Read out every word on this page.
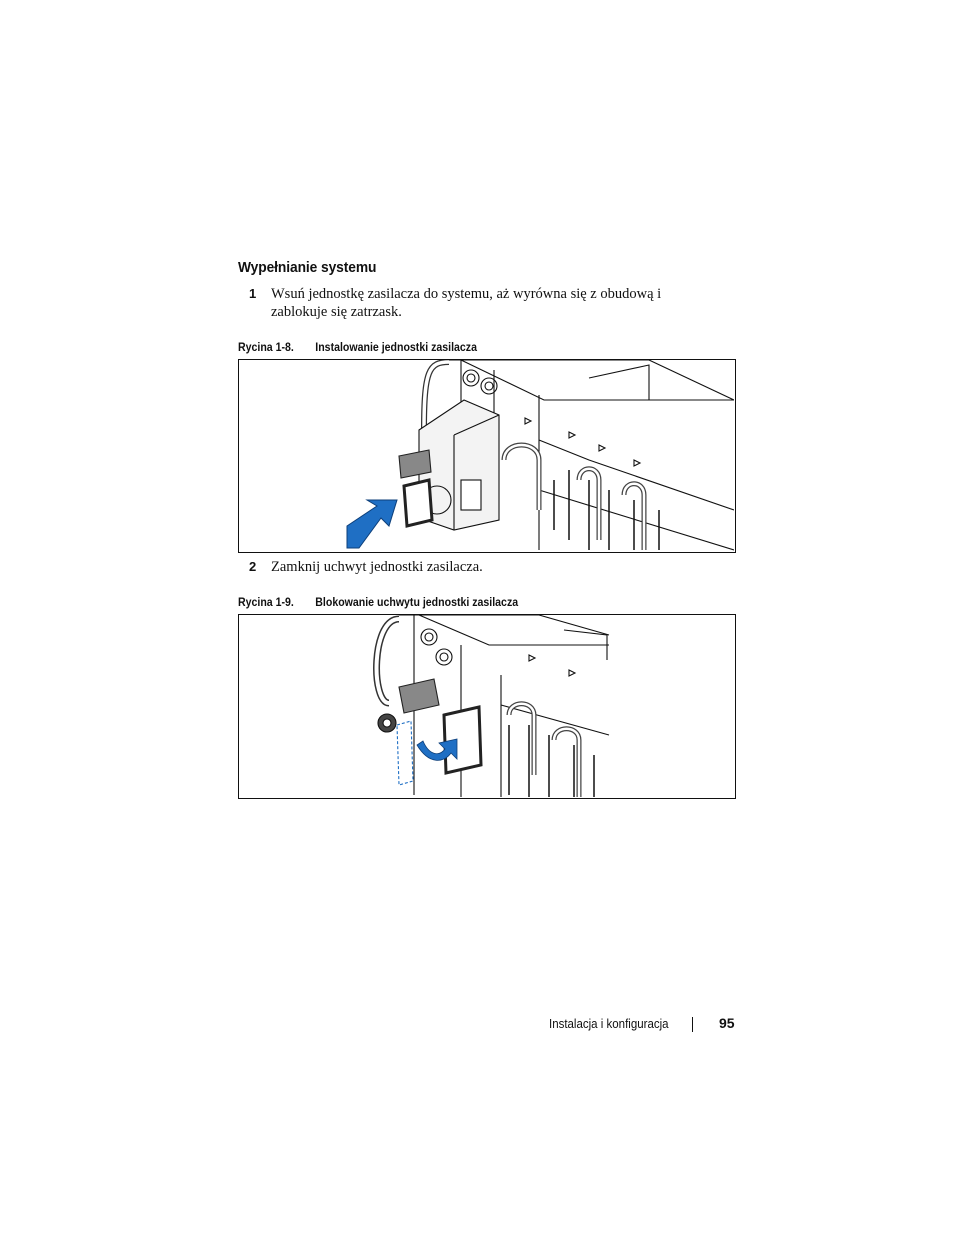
Wypełnianie systemu
1 Wsuń jednostkę zasilacza do systemu, aż wyrówna się z obudową i zablokuje się zatrzask.
Rycina 1-8. Instalowanie jednostki zasilacza
2 Zamknij uchwyt jednostki zasilacza.
Rycina 1-9. Blokowanie uchwytu jednostki zasilacza
Instalacja i konfiguracja	95
